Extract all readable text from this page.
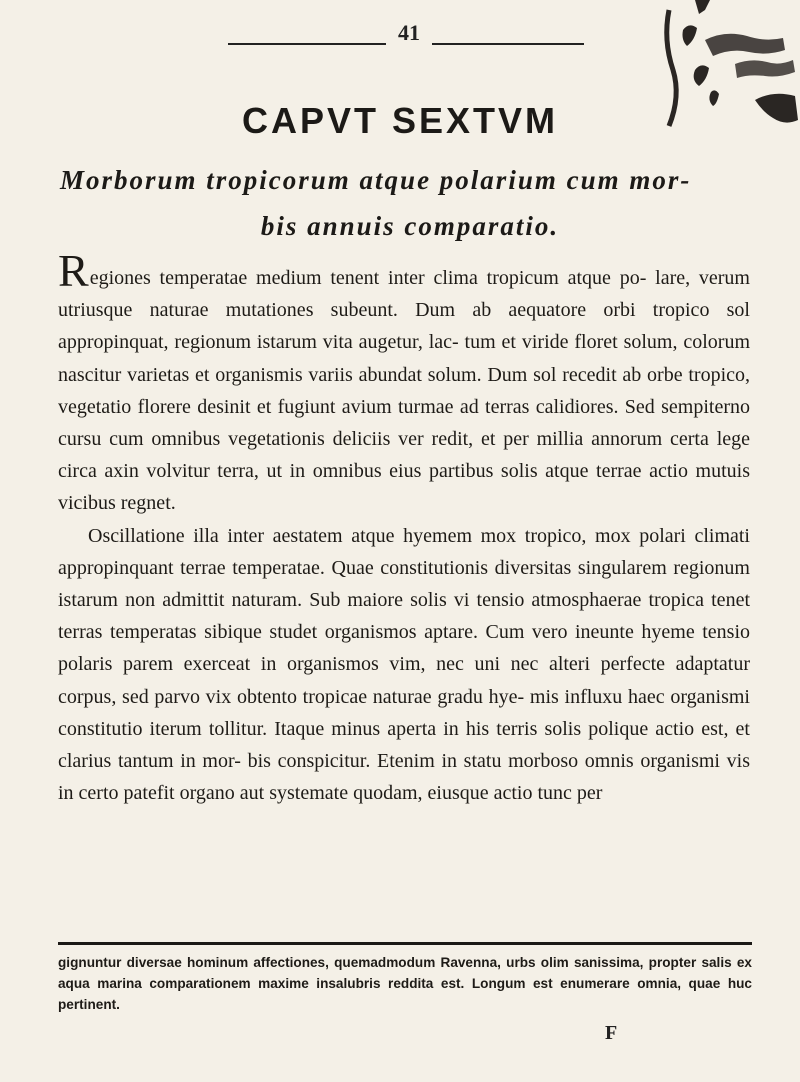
41
CAPVT SEXTVM
Morborum tropicorum atque polarium cum mor-
bis annuis comparatio.

Regiones temperatae medium tenent inter clima tropicum atque po- lare, verum utriusque naturae mutationes subeunt. Dum ab aequatore orbi tropico sol appropinquat, regionum istarum vita augetur, lac- tum et viride floret solum, colorum nascitur varietas et organismis variis abundat solum. Dum sol recedit ab orbe tropico, vegetatio florere desinit et fugiunt avium turmae ad terras calidiores. Sed sempiterno cursu cum omnibus vegetationis deliciis ver redit, et per millia annorum certa lege circa axin volvitur terra, ut in omnibus eius partibus solis atque terrae actio mutuis vicibus regnet.

Oscillatione illa inter aestatem atque hyemem mox tropico, mox polari climati appropinquant terrae temperatae. Quae constitutionis diversitas singularem regionum istarum non admittit naturam. Sub maiore solis vi tensio atmosphaerae tropica tenet terras temperatas sibique studet organismos aptare. Cum vero ineunte hyeme tensio polaris parem exerceat in organismos vim, nec uni nec alteri perfecte adaptatur corpus, sed parvo vix obtento tropicae naturae gradu hye- mis influxu haec organismi constitutio iterum tollitur. Itaque minus aperta in his terris solis polique actio est, et clarius tantum in mor- bis conspicitur. Etenim in statu morboso omnis organismi vis in certo patefit organo aut systemate quodam, eiusque actio tunc per

gignuntur diversae hominum affectiones, quemadmodum Ravenna, urbs olim sanissima, propter salis ex aqua marina comparationem maxime insalubris reddita est. Longum est enumerare omnia, quae huc pertinent.
F
